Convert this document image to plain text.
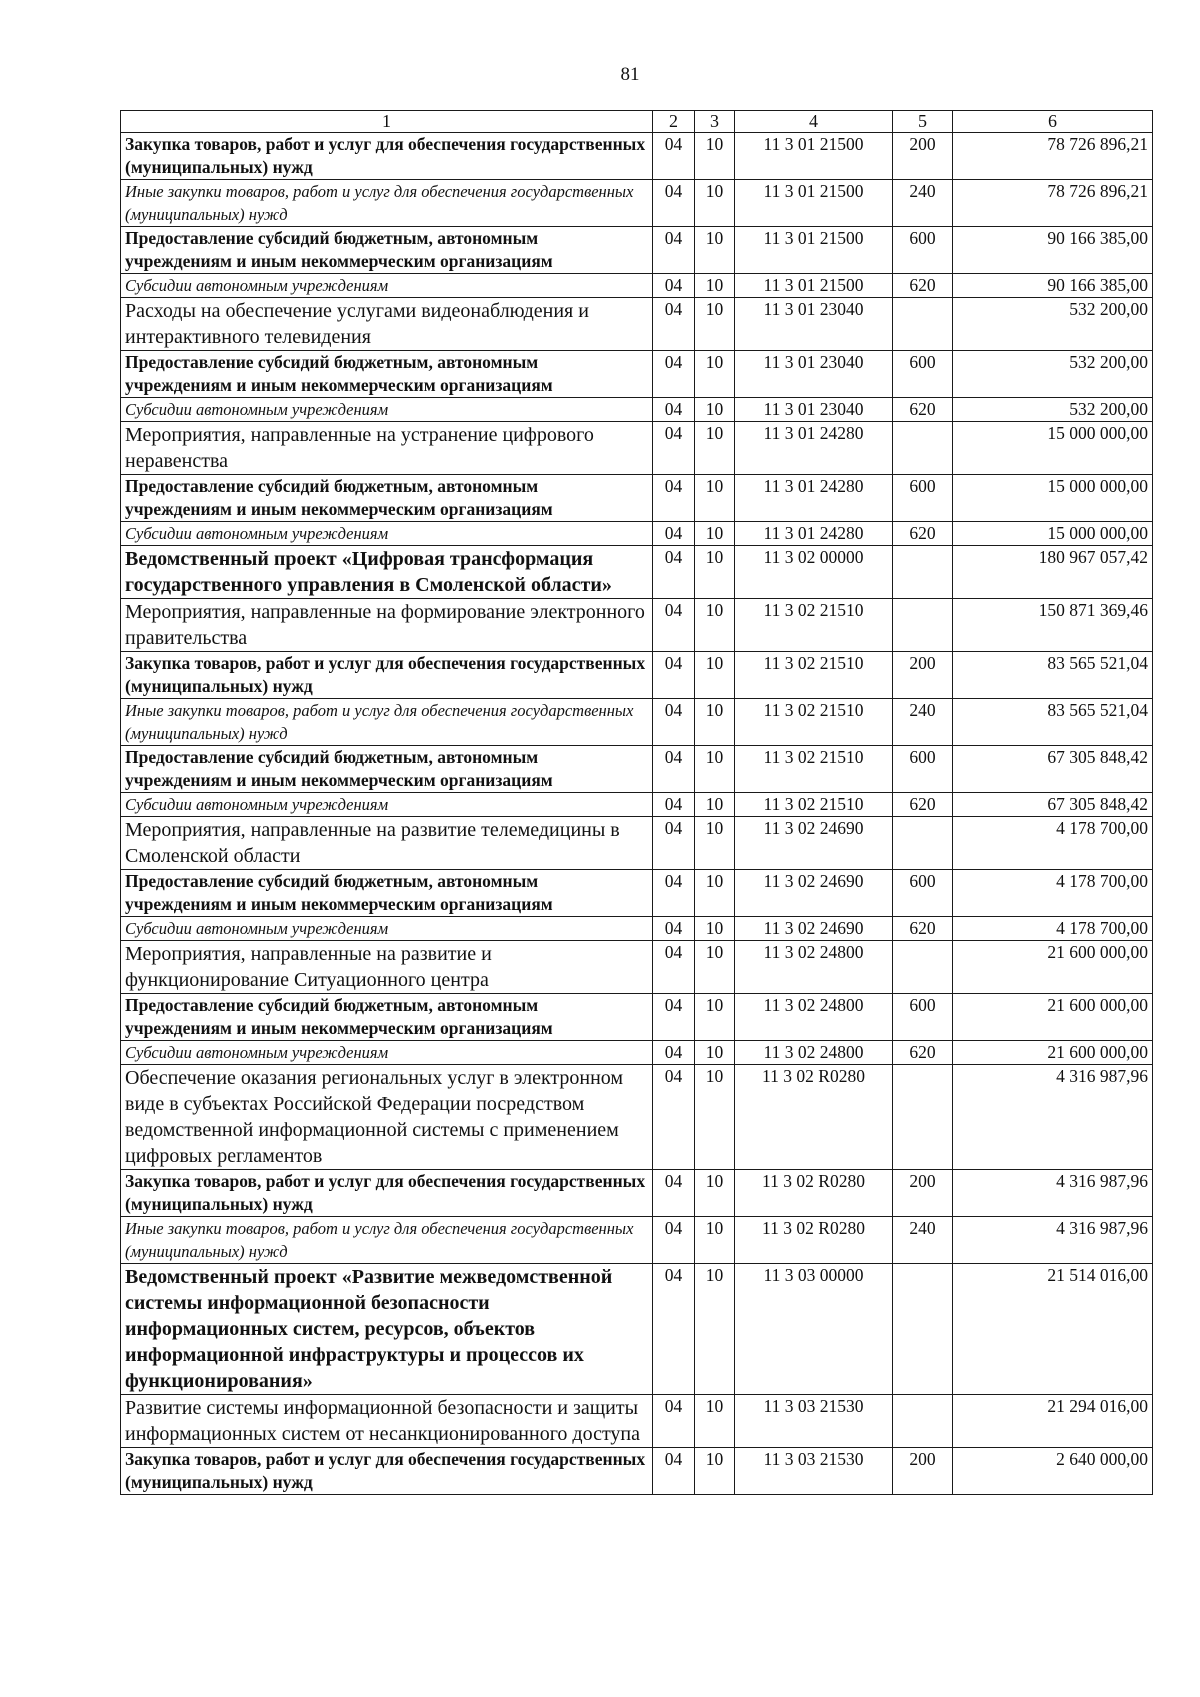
81
1	2	3	4	5	6
Закупка товаров, работ и услуг для обеспечения государственных (муниципальных) нужд	04	10	11 3 01 21500	200	78 726 896,21
Иные закупки товаров, работ и услуг для обеспечения государственных (муниципальных) нужд	04	10	11 3 01 21500	240	78 726 896,21
Предоставление субсидий бюджетным, автономным учреждениям и иным некоммерческим организациям	04	10	11 3 01 21500	600	90 166 385,00
Субсидии автономным учреждениям	04	10	11 3 01 21500	620	90 166 385,00
Расходы на обеспечение услугами видеонаблюдения и интерактивного телевидения	04	10	11 3 01 23040		532 200,00
Предоставление субсидий бюджетным, автономным учреждениям и иным некоммерческим организациям	04	10	11 3 01 23040	600	532 200,00
Субсидии автономным учреждениям	04	10	11 3 01 23040	620	532 200,00
Мероприятия, направленные на устранение цифрового неравенства	04	10	11 3 01 24280		15 000 000,00
Предоставление субсидий бюджетным, автономным учреждениям и иным некоммерческим организациям	04	10	11 3 01 24280	600	15 000 000,00
Субсидии автономным учреждениям	04	10	11 3 01 24280	620	15 000 000,00
Ведомственный проект «Цифровая трансформация государственного управления в Смоленской области»	04	10	11 3 02 00000		180 967 057,42
Мероприятия, направленные на формирование электронного правительства	04	10	11 3 02 21510		150 871 369,46
Закупка товаров, работ и услуг для обеспечения государственных (муниципальных) нужд	04	10	11 3 02 21510	200	83 565 521,04
Иные закупки товаров, работ и услуг для обеспечения государственных (муниципальных) нужд	04	10	11 3 02 21510	240	83 565 521,04
Предоставление субсидий бюджетным, автономным учреждениям и иным некоммерческим организациям	04	10	11 3 02 21510	600	67 305 848,42
Субсидии автономным учреждениям	04	10	11 3 02 21510	620	67 305 848,42
Мероприятия, направленные на развитие телемедицины в Смоленской области	04	10	11 3 02 24690		4 178 700,00
Предоставление субсидий бюджетным, автономным учреждениям и иным некоммерческим организациям	04	10	11 3 02 24690	600	4 178 700,00
Субсидии автономным учреждениям	04	10	11 3 02 24690	620	4 178 700,00
Мероприятия, направленные на развитие и функционирование Ситуационного центра	04	10	11 3 02 24800		21 600 000,00
Предоставление субсидий бюджетным, автономным учреждениям и иным некоммерческим организациям	04	10	11 3 02 24800	600	21 600 000,00
Субсидии автономным учреждениям	04	10	11 3 02 24800	620	21 600 000,00
Обеспечение оказания региональных услуг в электронном виде в субъектах Российской Федерации посредством ведомственной информационной системы с применением цифровых регламентов	04	10	11 3 02 R0280		4 316 987,96
Закупка товаров, работ и услуг для обеспечения государственных (муниципальных) нужд	04	10	11 3 02 R0280	200	4 316 987,96
Иные закупки товаров, работ и услуг для обеспечения государственных (муниципальных) нужд	04	10	11 3 02 R0280	240	4 316 987,96
Ведомственный проект «Развитие межведомственной системы информационной безопасности информационных систем, ресурсов, объектов информационной инфраструктуры и процессов их функционирования»	04	10	11 3 03 00000		21 514 016,00
Развитие системы информационной безопасности и защиты информационных систем от несанкционированного доступа	04	10	11 3 03 21530		21 294 016,00
Закупка товаров, работ и услуг для обеспечения государственных (муниципальных) нужд	04	10	11 3 03 21530	200	2 640 000,00
